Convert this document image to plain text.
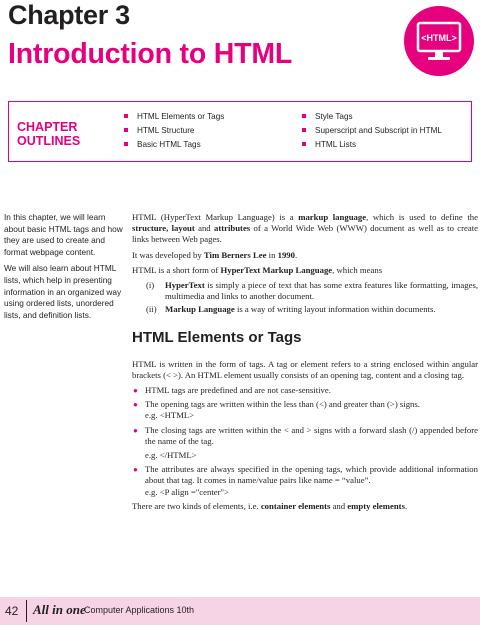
Chapter 3
Introduction to HTML	<HTML>
CHAPTER
OUTLINES
HTML Elements or Tags
HTML Structure
Basic HTML Tags
Style Tags
Superscript and Subscript in HTML
HTML Lists

In this chapter, we will learn about basic HTML tags and how they are used to create and format webpage content.

We will also learn about HTML lists, which help in presenting information in an organized way using ordered lists, unordered lists, and definition lists.

HTML (HyperText Markup Language) is a markup language, which is used to define the structure, layout and attributes of a World Wide Web (WWW) document as well as to create links between Web pages.

It was developed by Tim Berners Lee in 1990.

HTML is a short form of HyperText Markup Language, which means

(i) HyperText is simply a piece of text that has some extra features like formatting, images, multimedia and links to another document.
(ii) Markup Language is a way of writing layout information within documents.
HTML Elements or Tags

HTML is written in the form of tags. A tag or element refers to a string enclosed within angular brackets (< >). An HTML element usually consists of an opening tag, content and a closing tag.

● HTML tags are predefined and are not case-sensitive.
● The opening tags are written within the less than (<) and greater than (>) signs.
e.g. <HTML>
● The closing tags are written within the < and > signs with a forward slash (/) appended before the name of the tag.
e.g. </HTML>
● The attributes are always specified in the opening tags, which provide additional information about that tag. It comes in name/value pairs like name = “value”.
e.g. <P align ="center">

There are two kinds of elements, i.e. container elements and empty elements.

42 All in one
Computer Applications 10th
